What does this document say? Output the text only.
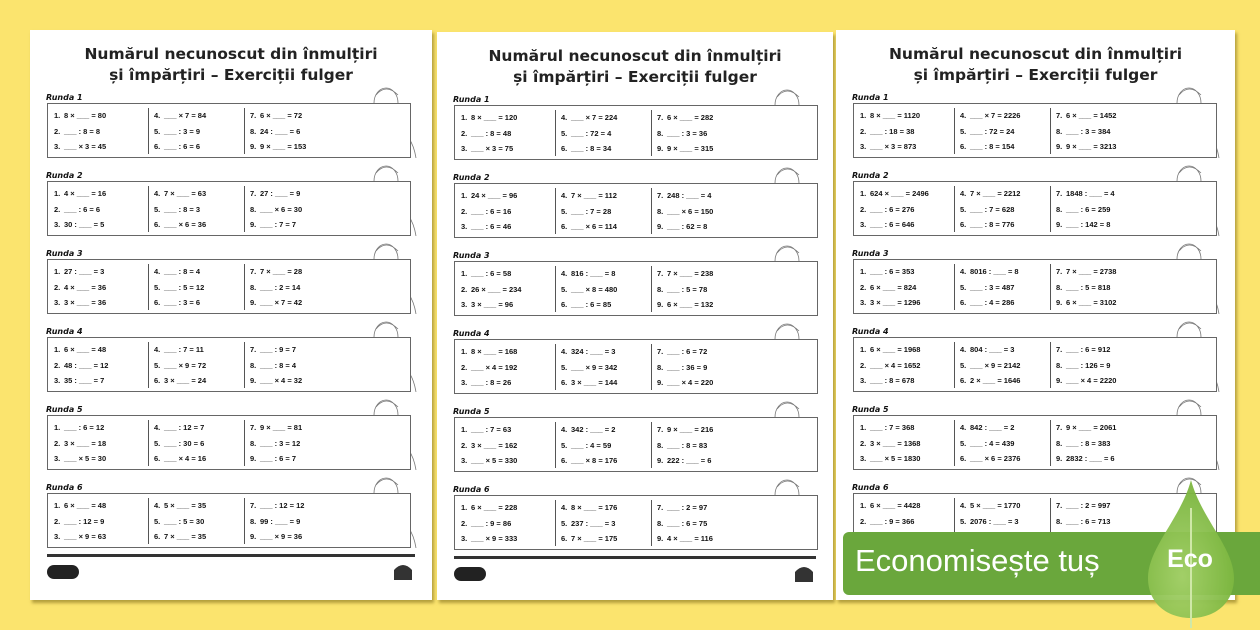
Numărul necunoscut din înmulțiri
și împărțiri – Exerciții fulger
Runda 1
1. 8 × ___ = 80
2. ___ : 8 = 8
3. ___ × 3 = 45
4. ___ × 7 = 84
5. ___ : 3 = 9
6. ___ : 6 = 6
7. 6 × ___ = 72
8. 24 : ___ = 6
9. 9 × ___ = 153
Runda 2
1. 4 × ___ = 16
2. ___ : 6 = 6
3. 30 : ___ = 5
4. 7 × ___ = 63
5. ___ : 8 = 3
6. ___ × 6 = 36
7. 27 : ___ = 9
8. ___ × 6 = 30
9. ___ : 7 = 7
Runda 3
1. 27 : ___ = 3
2. 4 × ___ = 36
3. 3 × ___ = 36
4. ___ : 8 = 4
5. ___ : 5 = 12
6. ___ : 3 = 6
7. 7 × ___ = 28
8. ___ : 2 = 14
9. ___ × 7 = 42
Runda 4
1. 6 × ___ = 48
2. 48 : ___ = 12
3. 35 : ___ = 7
4. ___ : 7 = 11
5. ___ × 9 = 72
6. 3 × ___ = 24
7. ___ : 9 = 7
8. ___ : 8 = 4
9. ___ × 4 = 32
Runda 5
1. ___ : 6 = 12
2. 3 × ___ = 18
3. ___ × 5 = 30
4. ___ : 12 = 7
5. ___ : 30 = 6
6. ___ × 4 = 16
7. 9 × ___ = 81
8. ___ : 3 = 12
9. ___ : 6 = 7
Runda 6
1. 6 × ___ = 48
2. ___ : 12 = 9
3. ___ × 9 = 63
4. 5 × ___ = 35
5. ___ : 5 = 30
6. 7 × ___ = 35
7. ___ : 12 = 12
8. 99 : ___ = 9
9. ___ × 9 = 36
Numărul necunoscut din înmulțiri
și împărțiri – Exerciții fulger
Runda 1
1. 8 × ___ = 120
2. ___ : 8 = 48
3. ___ × 3 = 75
4. ___ × 7 = 224
5. ___ : 72 = 4
6. ___ : 8 = 34
7. 6 × ___ = 282
8. ___ : 3 = 36
9. 9 × ___ = 315
Runda 2
1. 24 × ___ = 96
2. ___ : 6 = 16
3. ___ : 6 = 46
4. 7 × ___ = 112
5. ___ : 7 = 28
6. ___ × 6 = 114
7. 248 : ___ = 4
8. ___ × 6 = 150
9. ___ : 62 = 8
Runda 3
1. ___ : 6 = 58
2. 26 × ___ = 234
3. 3 × ___ = 96
4. 816 : ___ = 8
5. ___ × 8 = 480
6. ___ : 6 = 85
7. 7 × ___ = 238
8. ___ : 5 = 78
9. 6 × ___ = 132
Runda 4
1. 8 × ___ = 168
2. ___ × 4 = 192
3. ___ : 8 = 26
4. 324 : ___ = 3
5. ___ × 9 = 342
6. 3 × ___ = 144
7. ___ : 6 = 72
8. ___ : 36 = 9
9. ___ × 4 = 220
Runda 5
1. ___ : 7 = 63
2. 3 × ___ = 162
3. ___ × 5 = 330
4. 342 : ___ = 2
5. ___ : 4 = 59
6. ___ × 8 = 176
7. 9 × ___ = 216
8. ___ : 8 = 83
9. 222 : ___ = 6
Runda 6
1. 6 × ___ = 228
2. ___ : 9 = 86
3. ___ × 9 = 333
4. 8 × ___ = 176
5. 237 : ___ = 3
6. 7 × ___ = 175
7. ___ : 2 = 97
8. ___ : 6 = 75
9. 4 × ___ = 116
Numărul necunoscut din înmulțiri
și împărțiri – Exerciții fulger
Runda 1
1. 8 × ___ = 1120
2. ___ : 18 = 38
3. ___ × 3 = 873
4. ___ × 7 = 2226
5. ___ : 72 = 24
6. ___ : 8 = 154
7. 6 × ___ = 1452
8. ___ : 3 = 384
9. 9 × ___ = 3213
Runda 2
1. 624 × ___ = 2496
2. ___ : 6 = 276
3. ___ : 6 = 646
4. 7 × ___ = 2212
5. ___ : 7 = 628
6. ___ : 8 = 776
7. 1848 : ___ = 4
8. ___ : 6 = 259
9. ___ : 142 = 8
Runda 3
1. ___ : 6 = 353
2. 6 × ___ = 824
3. 3 × ___ = 1296
4. 8016 : ___ = 8
5. ___ : 3 = 487
6. ___ : 4 = 286
7. 7 × ___ = 2738
8. ___ : 5 = 818
9. 6 × ___ = 3102
Runda 4
1. 6 × ___ = 1968
2. ___ × 4 = 1652
3. ___ : 8 = 678
4. 804 : ___ = 3
5. ___ × 9 = 2142
6. 2 × ___ = 1646
7. ___ : 6 = 912
8. ___ : 126 = 9
9. ___ × 4 = 2220
Runda 5
1. ___ : 7 = 368
2. 3 × ___ = 1368
3. ___ × 5 = 1830
4. 842 : ___ = 2
5. ___ : 4 = 439
6. ___ × 6 = 2376
7. 9 × ___ = 2061
8. ___ : 8 = 383
9. 2832 : ___ = 6
Runda 6
1. 6 × ___ = 4428
2. ___ : 9 = 366
4. 5 × ___ = 1770
5. 2076 : ___ = 3
7. ___ : 2 = 997
8. ___ : 6 = 713
Economisește tuș	Eco
